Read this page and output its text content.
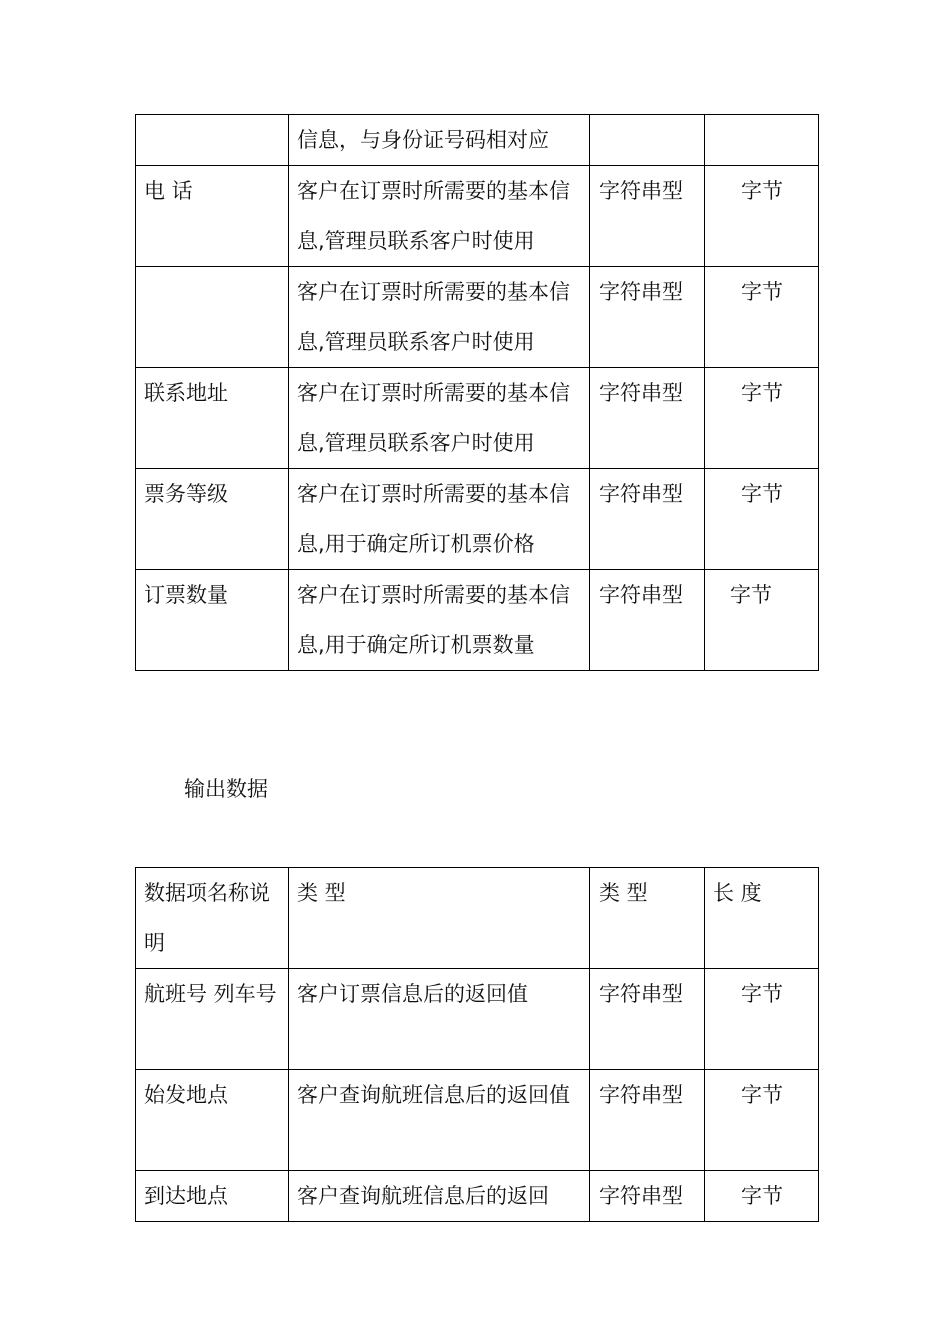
	信息，与身份证号码相对应		
电 话	客户在订票时所需要的基本信息,管理员联系客户时使用	字符串型	字节
	客户在订票时所需要的基本信息,管理员联系客户时使用	字符串型	字节
联系地址	客户在订票时所需要的基本信息,管理员联系客户时使用	字符串型	字节
票务等级	客户在订票时所需要的基本信息,用于确定所订机票价格	字符串型	字节
订票数量	客户在订票时所需要的基本信息,用于确定所订机票数量	字符串型	字节
输出数据
数据项名称说明	类 型	类 型	长 度
航班号 列车号	客户订票信息后的返回值	字符串型	字节
始发地点	客户查询航班信息后的返回值	字符串型	字节
到达地点	客户查询航班信息后的返回	字符串型	字节
